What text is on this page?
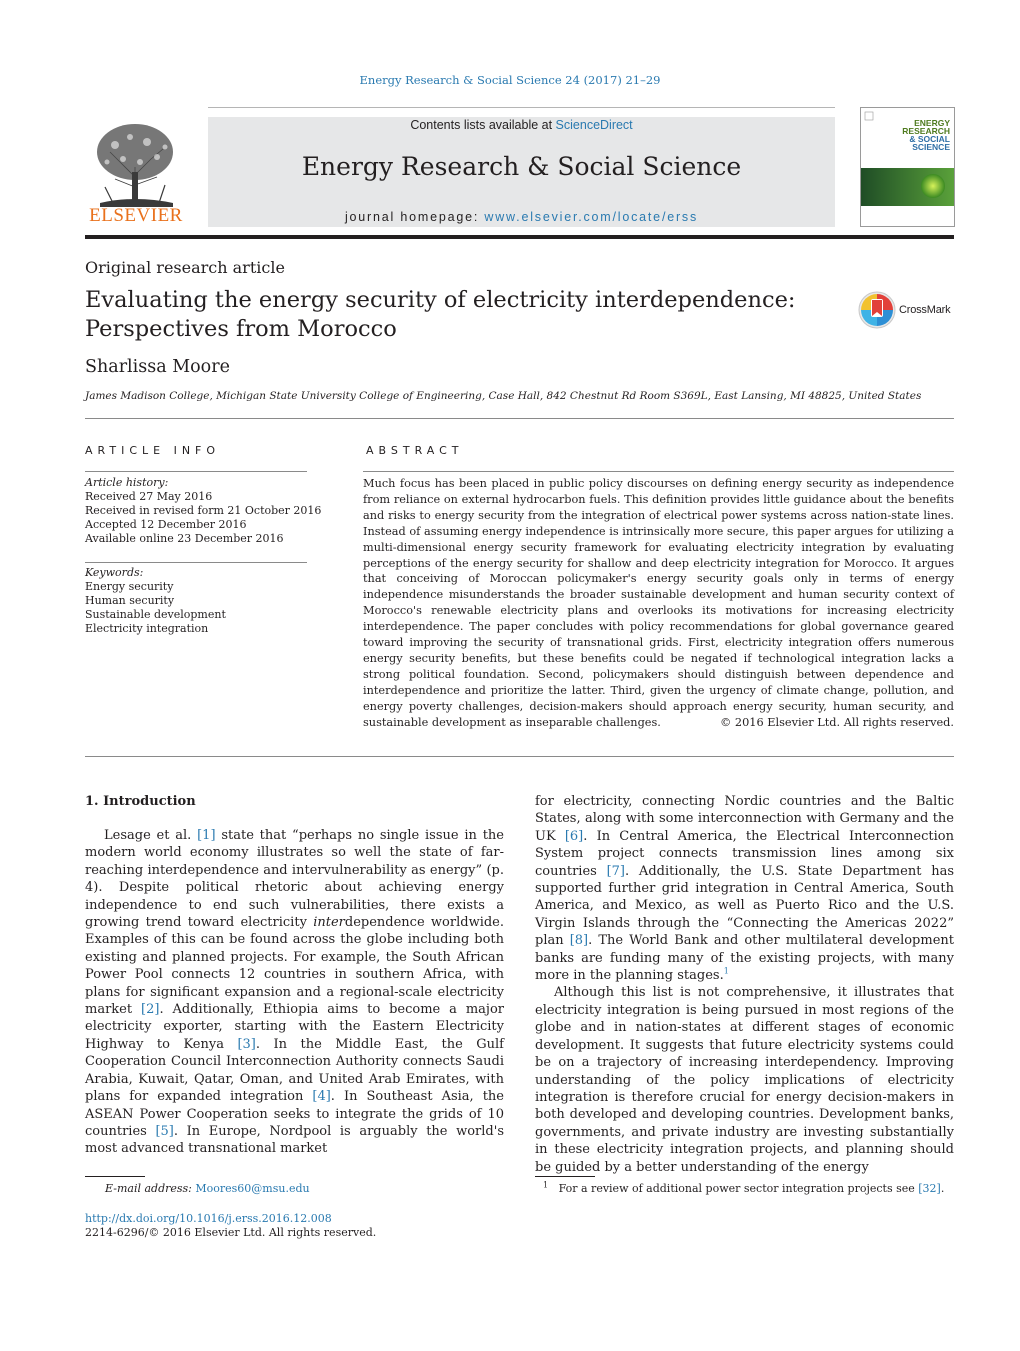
Energy Research & Social Science 24 (2017) 21–29
ELSEVIER
Contents lists available at ScienceDirect
Energy Research & Social Science
journal homepage: www.elsevier.com/locate/erss
ENERGY
RESEARCH
& SOCIAL
SCIENCE
Original research article
Evaluating the energy security of electricity interdependence:
Perspectives from Morocco
CrossMark
Sharlissa Moore
James Madison College, Michigan State University College of Engineering, Case Hall, 842 Chestnut Rd Room S369L, East Lansing, MI 48825, United States
ARTICLE INFO
Article history:
Received 27 May 2016
Received in revised form 21 October 2016
Accepted 12 December 2016
Available online 23 December 2016
Keywords:
Energy security
Human security
Sustainable development
Electricity integration
ABSTRACT
Much focus has been placed in public policy discourses on defining energy security as independence from reliance on external hydrocarbon fuels. This definition provides little guidance about the benefits and risks to energy security from the integration of electrical power systems across nation-state lines. Instead of assuming energy independence is intrinsically more secure, this paper argues for utilizing a multi-dimensional energy security framework for evaluating electricity integration by evaluating perceptions of the energy security for shallow and deep electricity integration for Morocco. It argues that conceiving of Moroccan policymaker's energy security goals only in terms of energy independence misunderstands the broader sustainable development and human security context of Morocco's renewable electricity plans and overlooks its motivations for increasing electricity interdependence. The paper concludes with policy recommendations for global governance geared toward improving the security of transnational grids. First, electricity integration offers numerous energy security benefits, but these benefits could be negated if technological integration lacks a strong political foundation. Second, policymakers should distinguish between dependence and interdependence and prioritize the latter. Third, given the urgency of climate change, pollution, and energy poverty challenges, decision-makers should approach energy security, human security, and sustainable development as inseparable challenges.	© 2016 Elsevier Ltd. All rights reserved.
1. Introduction

Lesage et al. [1] state that “perhaps no single issue in the modern world economy illustrates so well the state of far-reaching interdependence and intervulnerability as energy” (p. 4). Despite political rhetoric about achieving energy independence to end such vulnerabilities, there exists a growing trend toward electricity interdependence worldwide. Examples of this can be found across the globe including both existing and planned projects. For example, the South African Power Pool connects 12 countries in southern Africa, with plans for significant expansion and a regional-scale electricity market [2]. Additionally, Ethiopia aims to become a major electricity exporter, starting with the Eastern Electricity Highway to Kenya [3]. In the Middle East, the Gulf Cooperation Council Interconnection Authority connects Saudi Arabia, Kuwait, Qatar, Oman, and United Arab Emirates, with plans for expanded integration [4]. In Southeast Asia, the ASEAN Power Cooperation seeks to integrate the grids of 10 countries [5]. In Europe, Nordpool is arguably the world's most advanced transnational market

for electricity, connecting Nordic countries and the Baltic States, along with some interconnection with Germany and the UK [6]. In Central America, the Electrical Interconnection System project connects transmission lines among six countries [7]. Additionally, the U.S. State Department has supported further grid integration in Central America, South America, and Mexico, as well as Puerto Rico and the U.S. Virgin Islands through the “Connecting the Americas 2022” plan [8]. The World Bank and other multilateral development banks are funding many of the existing projects, with many more in the planning stages.$^1$

Although this list is not comprehensive, it illustrates that electricity integration is being pursued in most regions of the globe and in nation-states at different stages of economic development. It suggests that future electricity systems could be on a trajectory of increasing interdependency. Improving understanding of the policy implications of electricity integration is therefore crucial for energy decision-makers in both developed and developing countries. Development banks, governments, and private industry are investing substantially in these electricity integration projects, and planning should be guided by a better understanding of the energy

E-mail address: Moores60@msu.edu	$^1$ For a review of additional power sector integration projects see [32].
http://dx.doi.org/10.1016/j.erss.2016.12.008
2214-6296/© 2016 Elsevier Ltd. All rights reserved.
